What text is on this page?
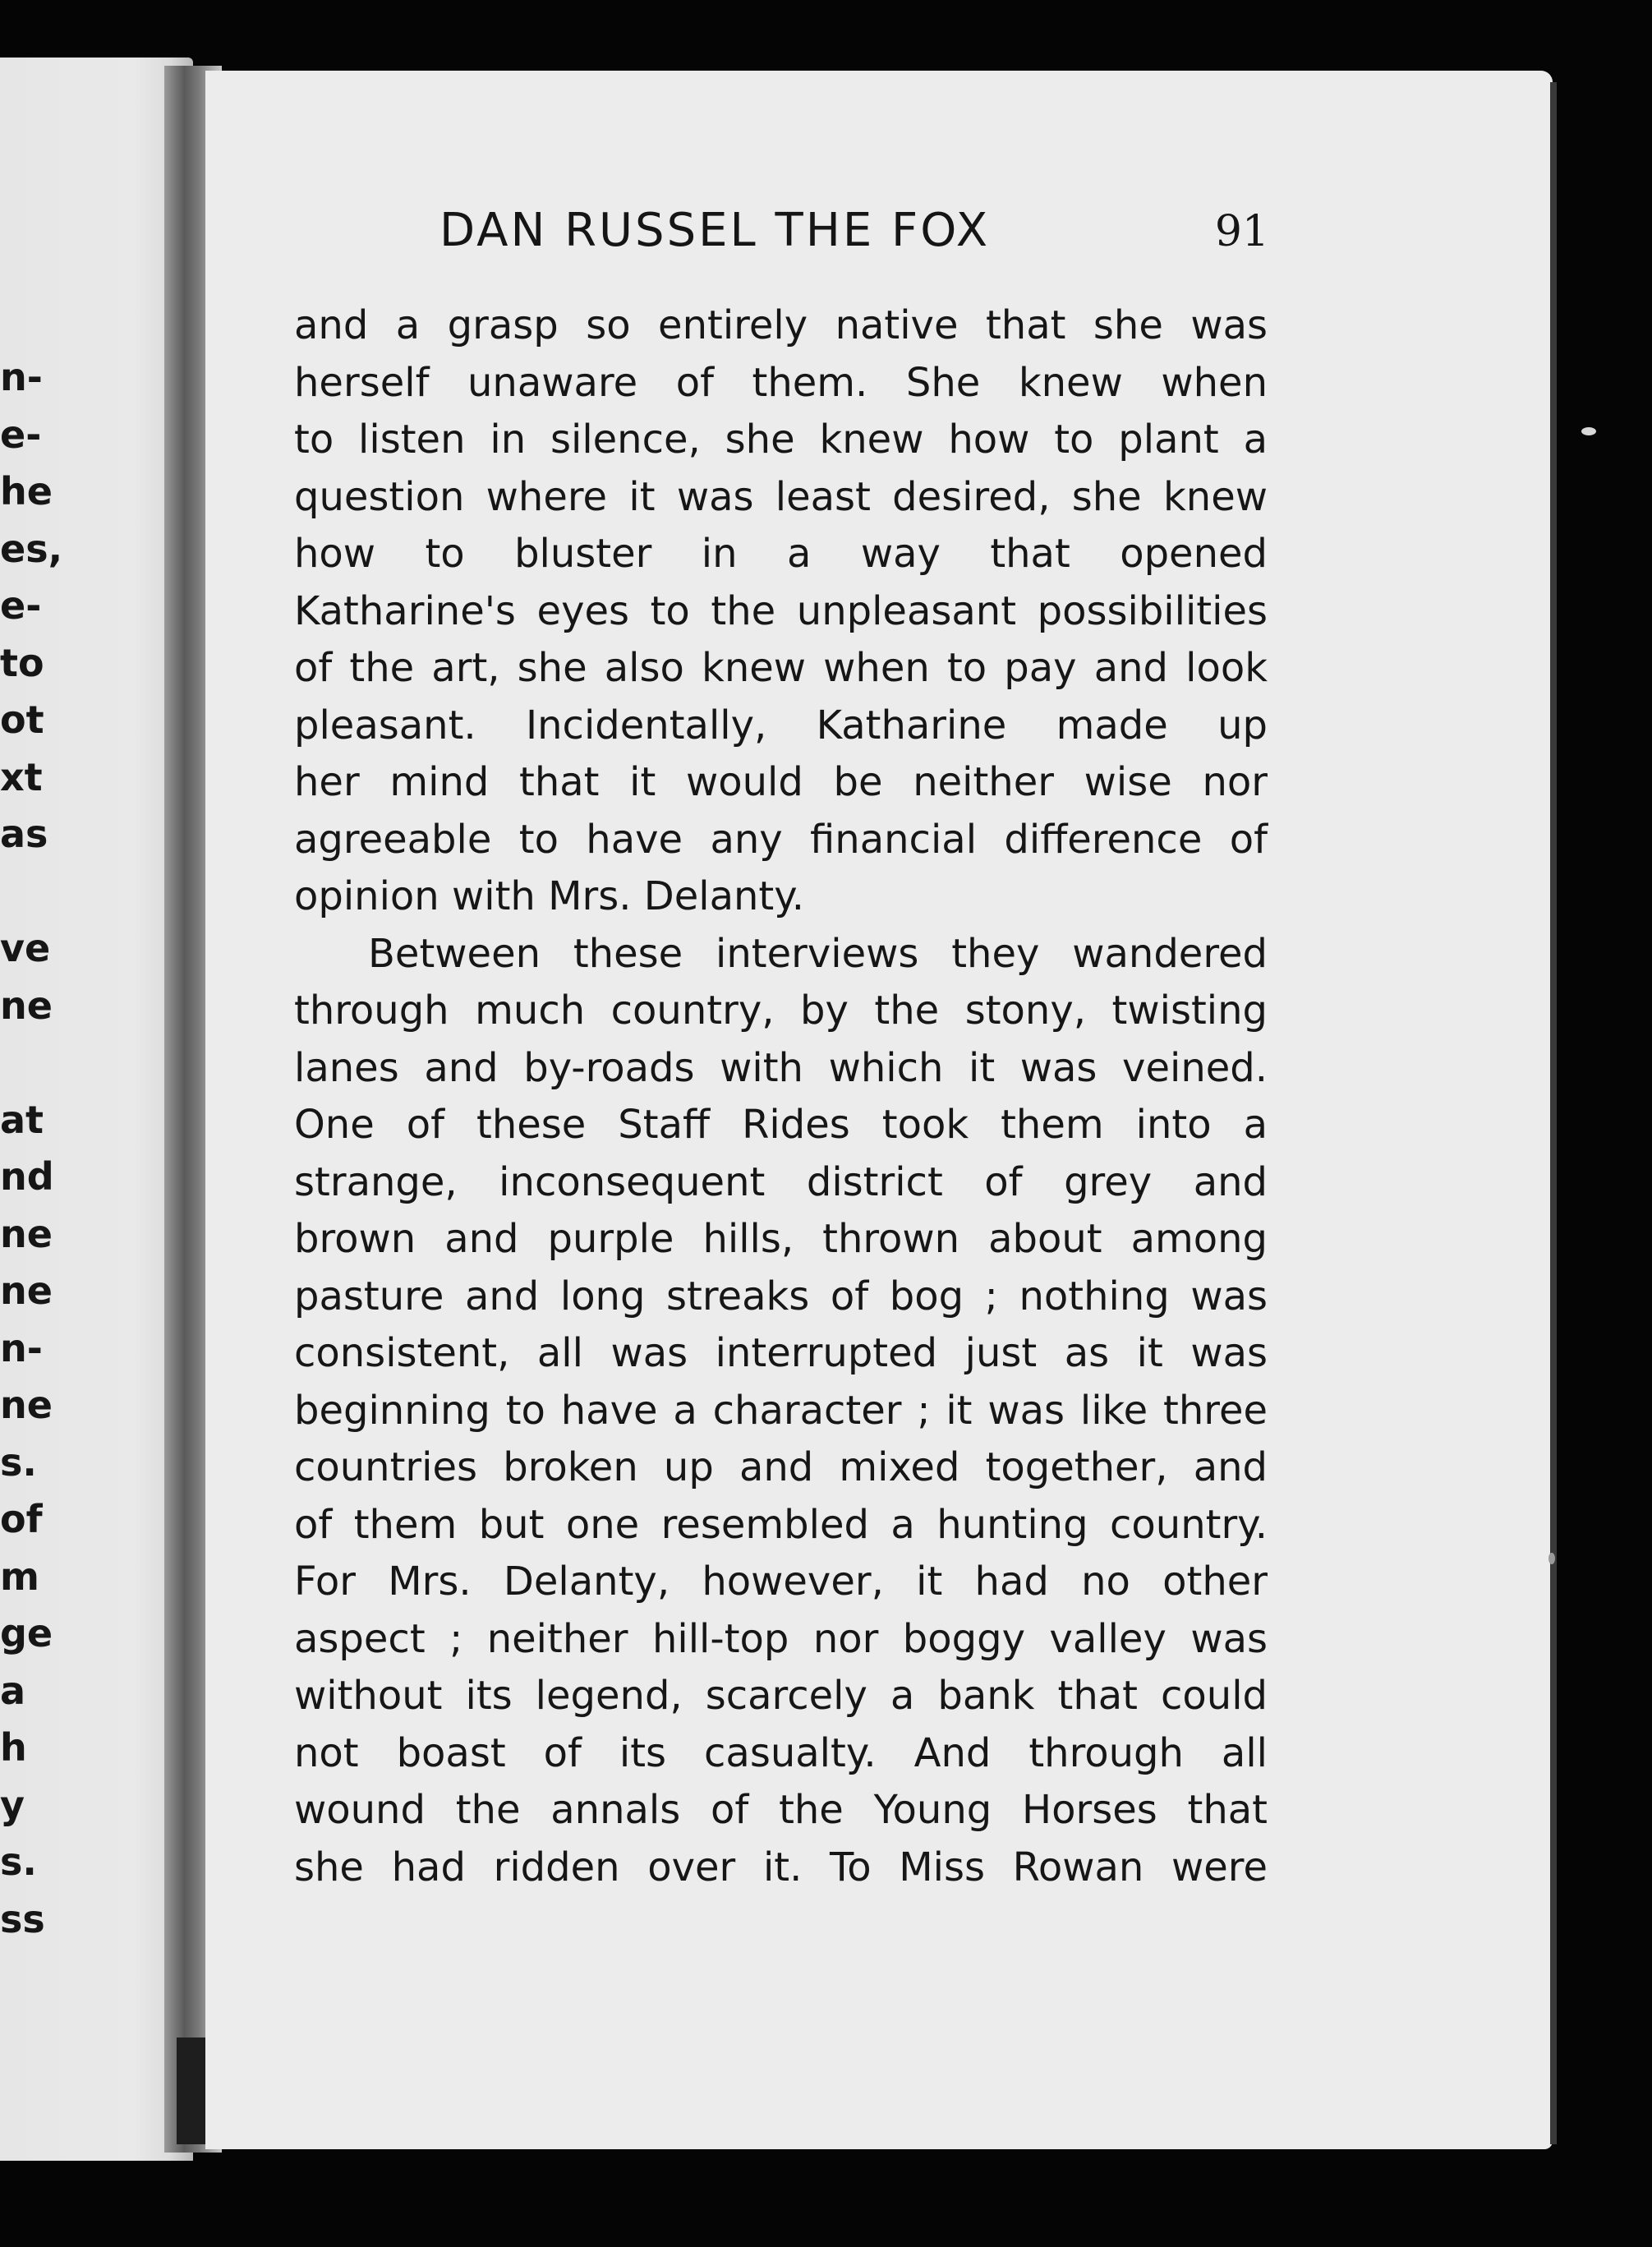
n-
e-
he
es,
e-
to
ot
xt
as
ve
ne
at
nd
ne
ne
n-
ne
s.
of
m
ge
a
h
y
s.
ss
DAN RUSSEL THE FOX	91
and a grasp so entirely native that she was
herself unaware of them. She knew when
to listen in silence, she knew how to plant a
question where it was least desired, she knew
how to bluster in a way that opened
Katharine's eyes to the unpleasant possibilities
of the art, she also knew when to pay and look
pleasant. Incidentally, Katharine made up
her mind that it would be neither wise nor
agreeable to have any financial difference of
opinion with Mrs. Delanty.
Between these interviews they wandered
through much country, by the stony, twisting
lanes and by-roads with which it was veined.
One of these Staff Rides took them into a
strange, inconsequent district of grey and
brown and purple hills, thrown about among
pasture and long streaks of bog ; nothing was
consistent, all was interrupted just as it was
beginning to have a character ; it was like three
countries broken up and mixed together, and
of them but one resembled a hunting country.
For Mrs. Delanty, however, it had no other
aspect ; neither hill-top nor boggy valley was
without its legend, scarcely a bank that could
not boast of its casualty. And through all
wound the annals of the Young Horses that
she had ridden over it. To Miss Rowan were
